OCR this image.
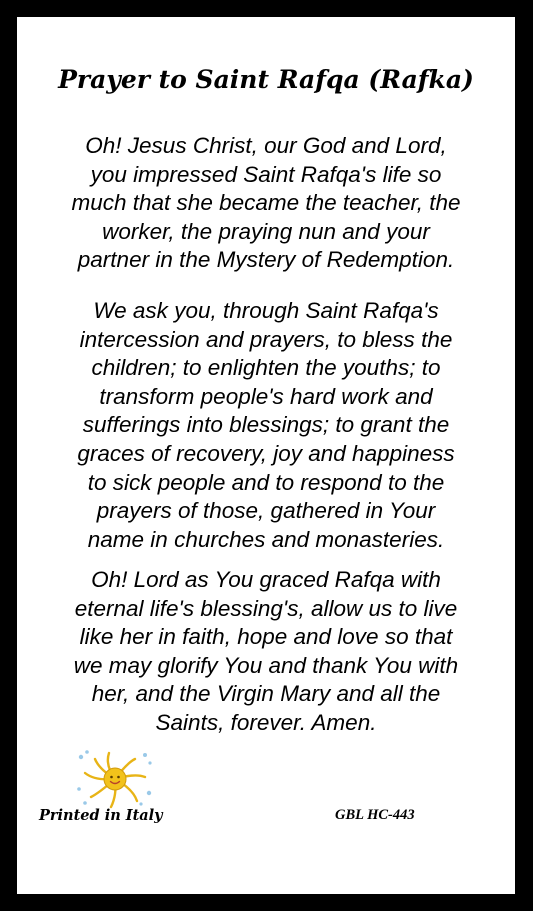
Prayer to Saint Rafqa (Rafka)

Oh! Jesus Christ, our God and Lord,
you impressed Saint Rafqa's life so
much that she became the teacher, the
worker, the praying nun and your
partner in the Mystery of Redemption.

We ask you, through Saint Rafqa's
intercession and prayers, to bless the
children; to enlighten the youths; to
transform people's hard work and
sufferings into blessings; to grant the
graces of recovery, joy and happiness
to sick people and to respond to the
prayers of those, gathered in Your
name in churches and monasteries.

Oh! Lord as You graced Rafqa with
eternal life's blessing's, allow us to live
like her in faith, hope and love so that
we may glorify You and thank You with
her, and the Virgin Mary and all the
Saints, forever. Amen.

Printed in Italy	GBL HC-443
